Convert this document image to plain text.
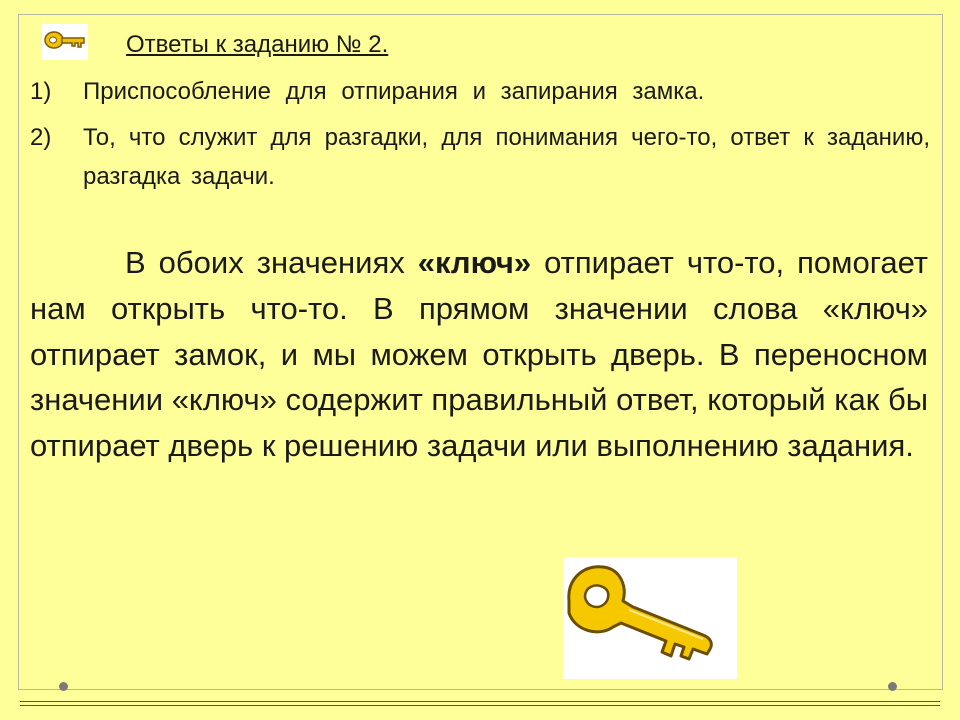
Ответы к заданию № 2.
1) Приспособление для отпирания и запирания замка.
2) То, что служит для разгадки, для понимания чего-то, ответ к заданию, разгадка задачи.
В обоих значениях «ключ» отпирает что-то, помогает нам открыть что-то. В прямом значении слова «ключ» отпирает замок, и мы можем открыть дверь. В переносном значении «ключ» содержит правильный ответ, который как бы отпирает дверь к решению задачи или выполнению задания.
